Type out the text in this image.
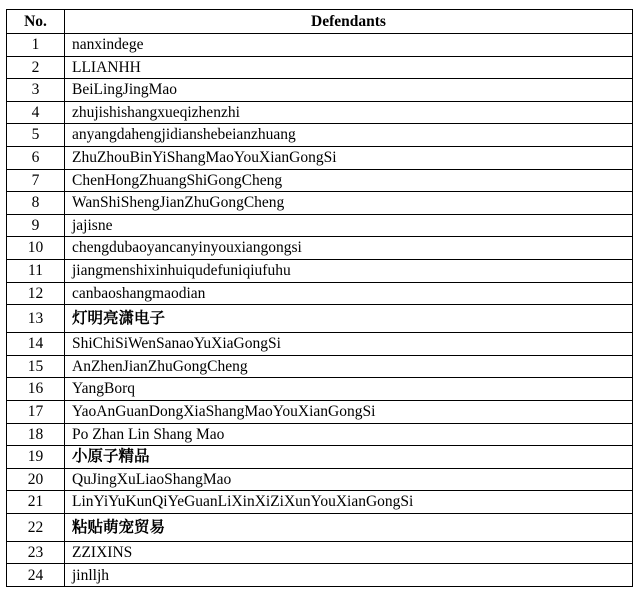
No.	Defendants
1	nanxindege
2	LLIANHH
3	BeiLingJingMao
4	zhujishishangxueqizhenzhi
5	anyangdahengjidianshebeianzhuang
6	ZhuZhouBinYiShangMaoYouXianGongSi
7	ChenHongZhuangShiGongCheng
8	WanShiShengJianZhuGongCheng
9	jajisne
10	chengdubaoyancanyinyouxiangongsi
11	jiangmenshixinhuiqudefuniqiufuhu
12	canbaoshangmaodian
13	灯明亮潇电子
14	ShiChiSiWenSanaoYuXiaGongSi
15	AnZhenJianZhuGongCheng
16	YangBorq
17	YaoAnGuanDongXiaShangMaoYouXianGongSi
18	Po Zhan Lin Shang Mao
19	小原子精品
20	QuJingXuLiaoShangMao
21	LinYiYuKunQiYeGuanLiXinXiZiXunYouXianGongSi
22	粘贴萌宠贸易
23	ZZIXINS
24	jinlljh
